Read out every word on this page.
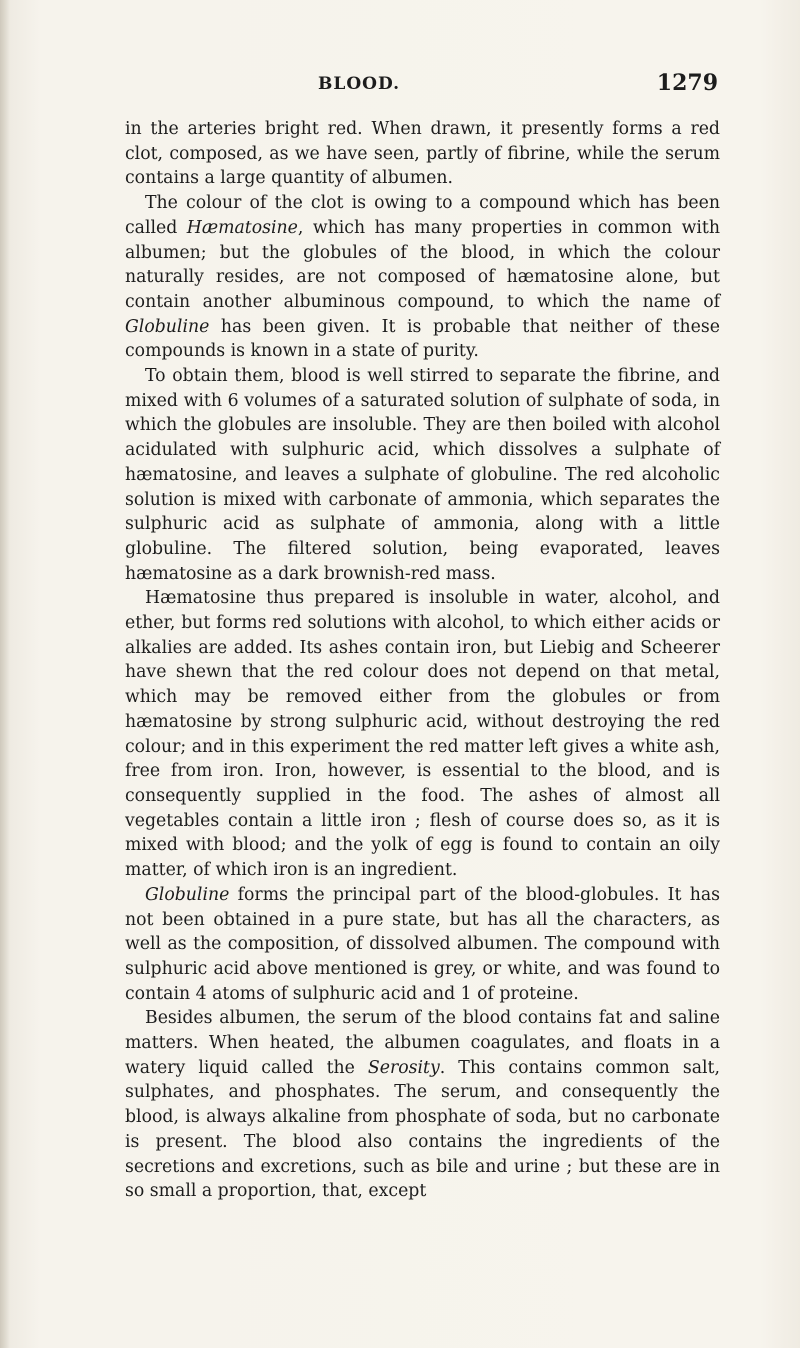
BLOOD.	1279

in the arteries bright red. When drawn, it presently forms a red clot, composed, as we have seen, partly of fibrine, while the serum contains a large quantity of albumen.

The colour of the clot is owing to a compound which has been called Hæmatosine, which has many properties in common with albumen; but the globules of the blood, in which the colour naturally resides, are not composed of hæmatosine alone, but contain another albuminous compound, to which the name of Globuline has been given. It is probable that neither of these compounds is known in a state of purity.

To obtain them, blood is well stirred to separate the fibrine, and mixed with 6 volumes of a saturated solution of sulphate of soda, in which the globules are insoluble. They are then boiled with alcohol acidulated with sulphuric acid, which dissolves a sulphate of hæmatosine, and leaves a sulphate of globuline. The red alcoholic solution is mixed with carbonate of ammonia, which separates the sulphuric acid as sulphate of ammonia, along with a little globuline. The filtered solution, being evaporated, leaves hæmatosine as a dark brownish-red mass.

Hæmatosine thus prepared is insoluble in water, alcohol, and ether, but forms red solutions with alcohol, to which either acids or alkalies are added. Its ashes contain iron, but Liebig and Scheerer have shewn that the red colour does not depend on that metal, which may be removed either from the globules or from hæmatosine by strong sulphuric acid, without destroying the red colour; and in this experiment the red matter left gives a white ash, free from iron. Iron, however, is essential to the blood, and is consequently supplied in the food. The ashes of almost all vegetables contain a little iron ; flesh of course does so, as it is mixed with blood; and the yolk of egg is found to contain an oily matter, of which iron is an ingredient.

Globuline forms the principal part of the blood-globules. It has not been obtained in a pure state, but has all the characters, as well as the composition, of dissolved albumen. The compound with sulphuric acid above mentioned is grey, or white, and was found to contain 4 atoms of sulphuric acid and 1 of proteine.

Besides albumen, the serum of the blood contains fat and saline matters. When heated, the albumen coagulates, and floats in a watery liquid called the Serosity. This contains common salt, sulphates, and phosphates. The serum, and consequently the blood, is always alkaline from phosphate of soda, but no carbonate is present. The blood also contains the ingredients of the secretions and excretions, such as bile and urine ; but these are in so small a proportion, that, except
